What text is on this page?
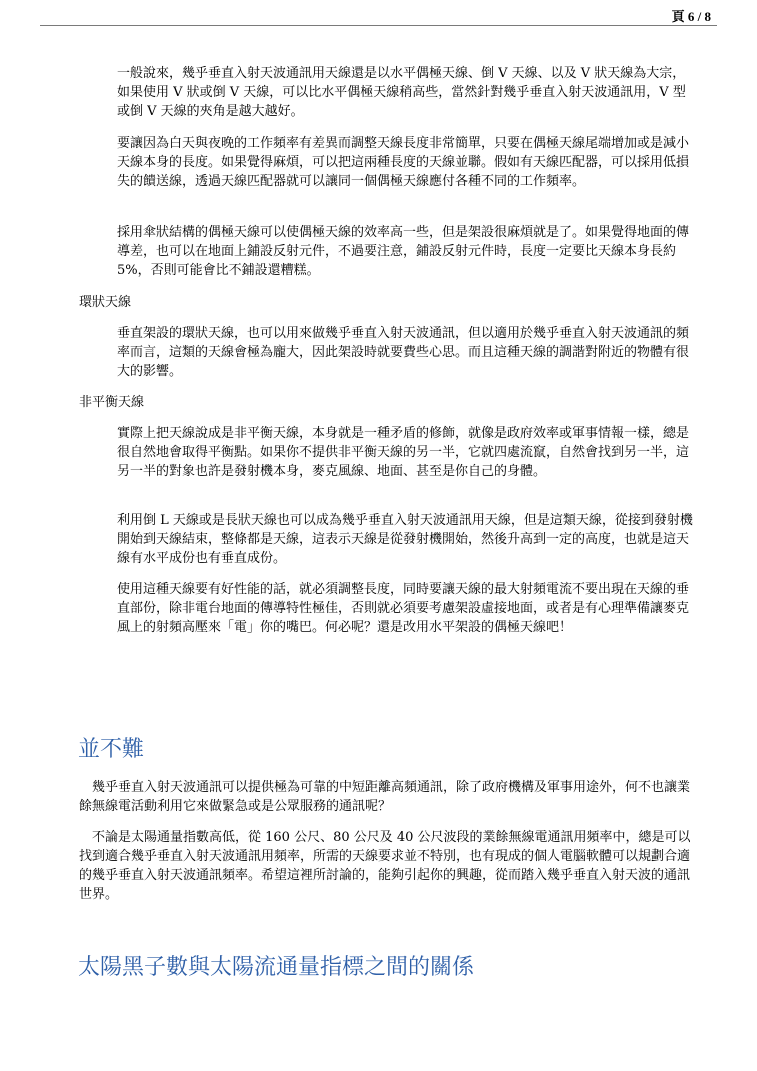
頁 6 / 8

一般說來，幾乎垂直入射天波通訊用天線還是以水平偶極天線、倒 V 天線、以及 V 狀天線為大宗，如果使用 V 狀或倒 V 天線，可以比水平偶極天線稍高些，當然針對幾乎垂直入射天波通訊用，V 型或倒 V 天線的夾角是越大越好。

要讓因為白天與夜晚的工作頻率有差異而調整天線長度非常簡單，只要在偶極天線尾端增加或是減小天線本身的長度。如果覺得麻煩，可以把這兩種長度的天線並聯。假如有天線匹配器，可以採用低損失的饋送線，透過天線匹配器就可以讓同一個偶極天線應付各種不同的工作頻率。

採用傘狀結構的偶極天線可以使偶極天線的效率高一些，但是架設很麻煩就是了。如果覺得地面的傳導差，也可以在地面上鋪設反射元件，不過要注意，鋪設反射元件時，長度一定要比天線本身長約 5%，否則可能會比不鋪設還糟糕。

環狀天線

垂直架設的環狀天線，也可以用來做幾乎垂直入射天波通訊，但以適用於幾乎垂直入射天波通訊的頻率而言，這類的天線會極為龐大，因此架設時就要費些心思。而且這種天線的調諧對附近的物體有很大的影響。

非平衡天線

實際上把天線說成是非平衡天線，本身就是一種矛盾的修飾，就像是政府效率或軍事情報一樣，總是很自然地會取得平衡點。如果你不提供非平衡天線的另一半，它就四處流竄，自然會找到另一半，這另一半的對象也許是發射機本身，麥克風線、地面、甚至是你自己的身體。

利用倒 L 天線或是長狀天線也可以成為幾乎垂直入射天波通訊用天線，但是這類天線，從接到發射機開始到天線結束，整條都是天線，這表示天線是從發射機開始，然後升高到一定的高度，也就是這天線有水平成份也有垂直成份。

使用這種天線要有好性能的話，就必須調整長度，同時要讓天線的最大射頻電流不要出現在天線的垂直部份，除非電台地面的傳導特性極佳，否則就必須要考慮架設虛接地面，或者是有心理準備讓麥克風上的射頻高壓來「電」你的嘴巴。何必呢？還是改用水平架設的偶極天線吧！

並不難

幾乎垂直入射天波通訊可以提供極為可靠的中短距離高頻通訊，除了政府機構及軍事用途外，何不也讓業餘無線電活動利用它來做緊急或是公眾服務的通訊呢？

不論是太陽通量指數高低，從 160 公尺、80 公尺及 40 公尺波段的業餘無線電通訊用頻率中，總是可以找到適合幾乎垂直入射天波通訊用頻率，所需的天線要求並不特別，也有現成的個人電腦軟體可以規劃合適的幾乎垂直入射天波通訊頻率。希望這裡所討論的，能夠引起你的興趣，從而踏入幾乎垂直入射天波的通訊世界。

太陽黑子數與太陽流通量指標之間的關係
